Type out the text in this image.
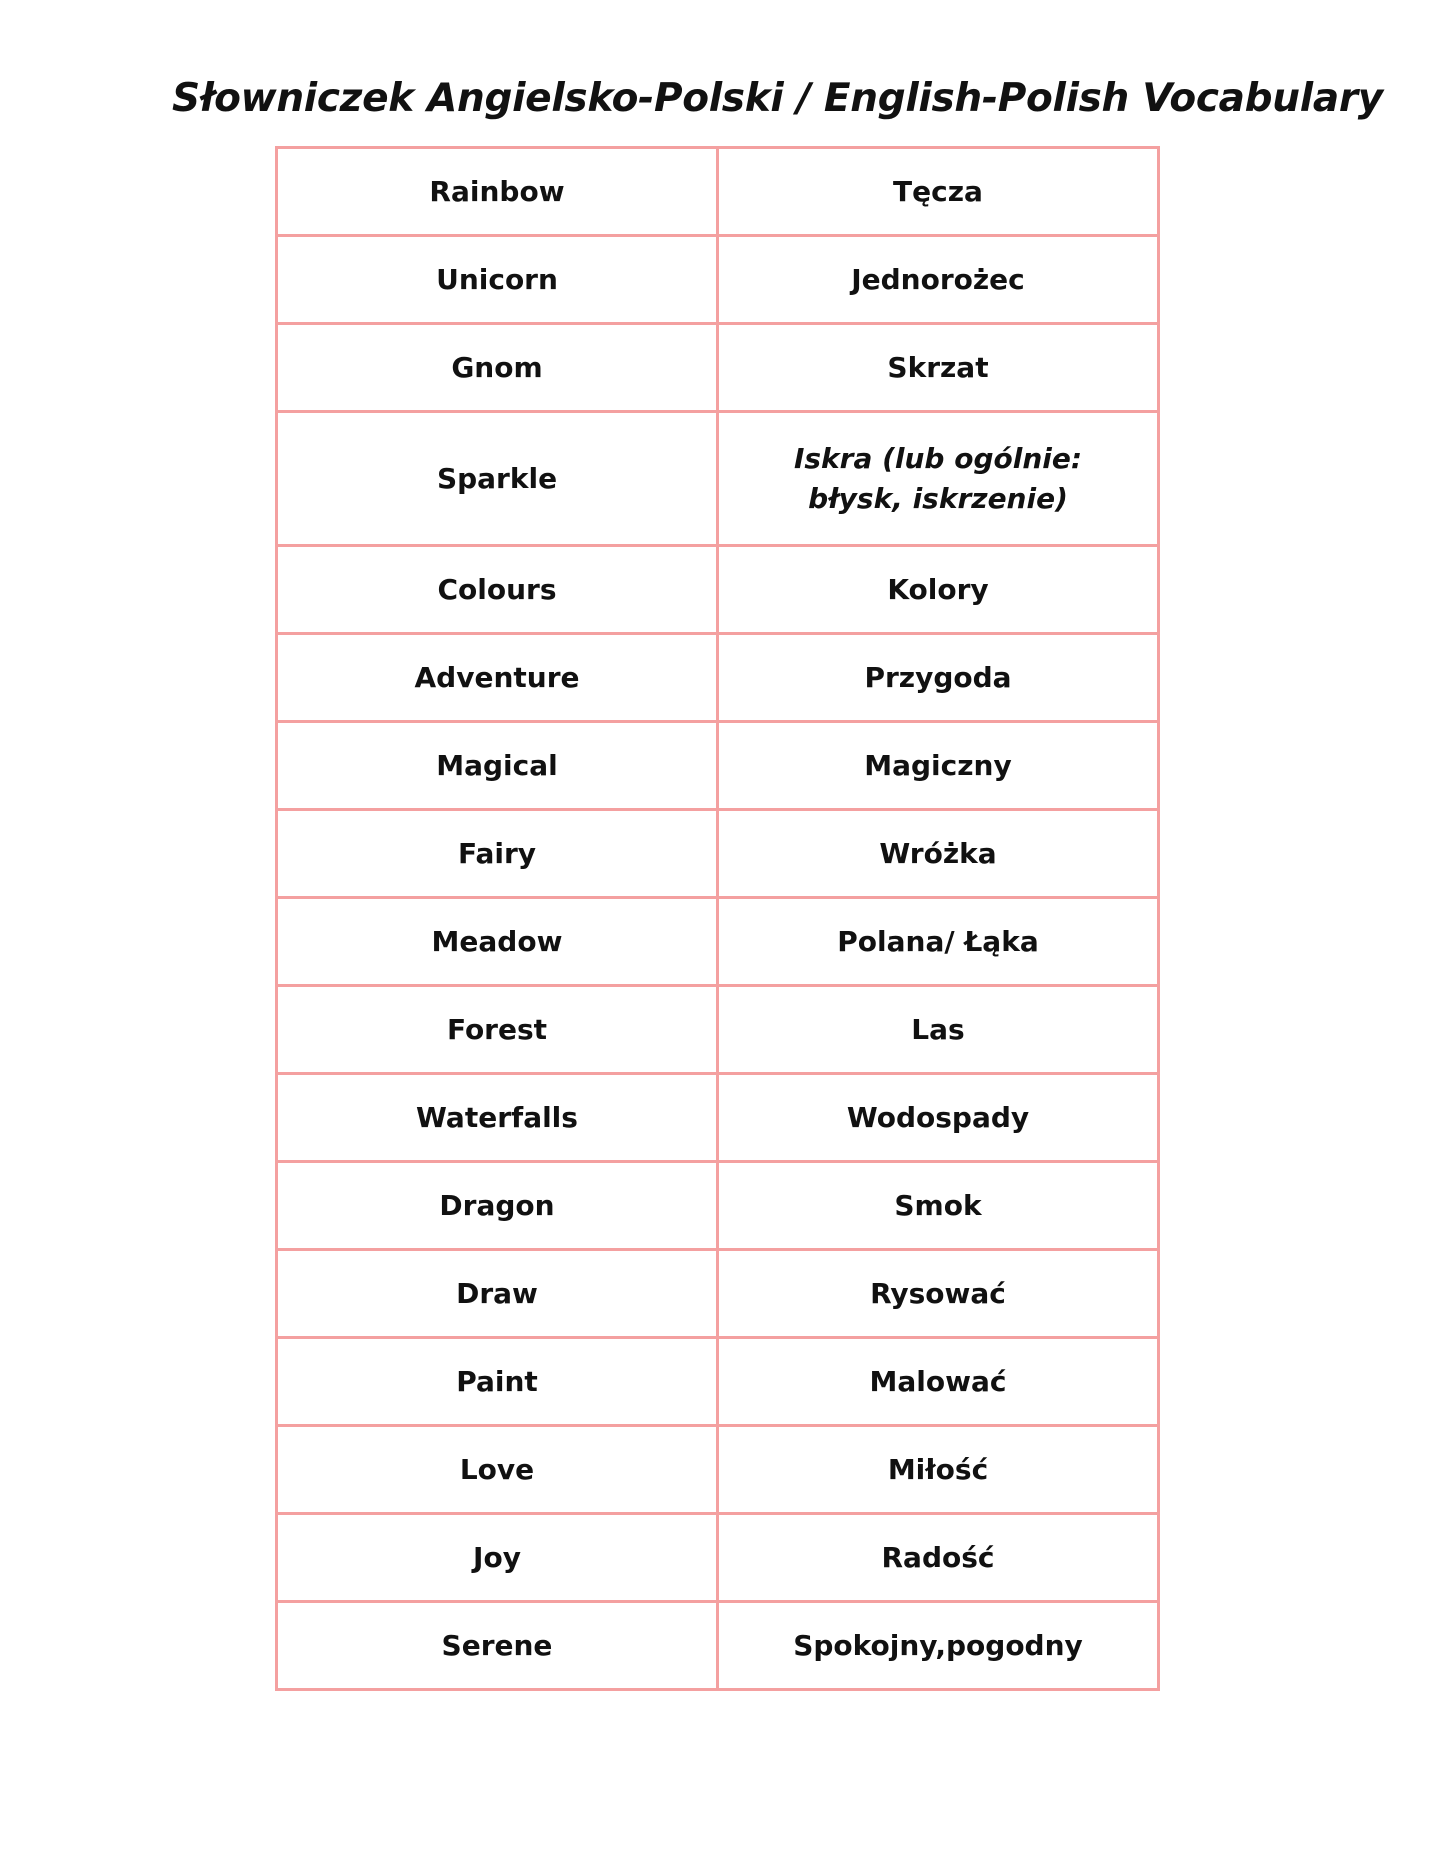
Słowniczek Angielsko-Polski / English-Polish Vocabulary
Rainbow	Tęcza
Unicorn	Jednorożec
Gnom	Skrzat
Sparkle	Iskra (lub ogólnie: błysk, iskrzenie)
Colours	Kolory
Adventure	Przygoda
Magical	Magiczny
Fairy	Wróżka
Meadow	Polana/ Łąka
Forest	Las
Waterfalls	Wodospady
Dragon	Smok
Draw	Rysować
Paint	Malować
Love	Miłość
Joy	Radość
Serene	Spokojny,pogodny
